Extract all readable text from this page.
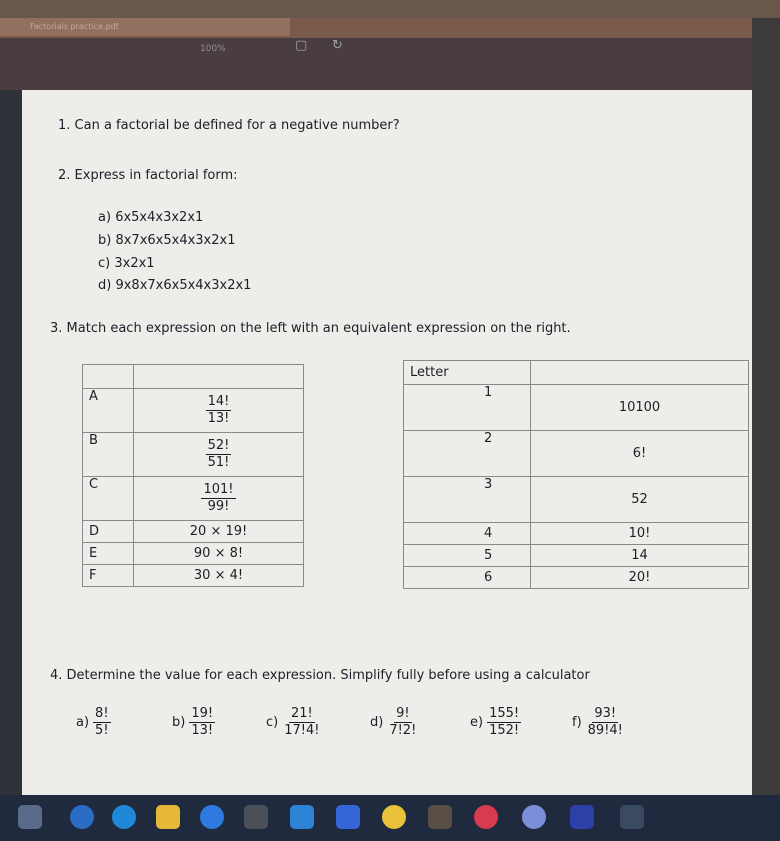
Factorials practice.pdf
100%	▢ ↻
1. Can a factorial be defined for a negative number?
2. Express in factorial form:
a) 6x5x4x3x2x1
b) 8x7x6x5x4x3x2x1
c) 3x2x1
d) 9x8x7x6x5x4x3x2x1
3. Match each expression on the left with an equivalent expression on the right.

A	$\frac{14!}{13!}$

B	$\frac{52!}{51!}$

C	$\frac{101!}{99!}$

D	20 × 19!
E	90 × 8!
F	30 × 4!
Letter	
1	10100
2	6!
3	52
4	10!
5	14
6	20!
4. Determine the value for each expression. Simplify fully before using a calculator
$a) \frac{8!}{5!}$	$b) \frac{19!}{13!}$	$c) \frac{21!}{17!4!}$	$d) \frac{9!}{7!2!}$	$e) \frac{155!}{152!}$	$f) \frac{93!}{89!4!}$
